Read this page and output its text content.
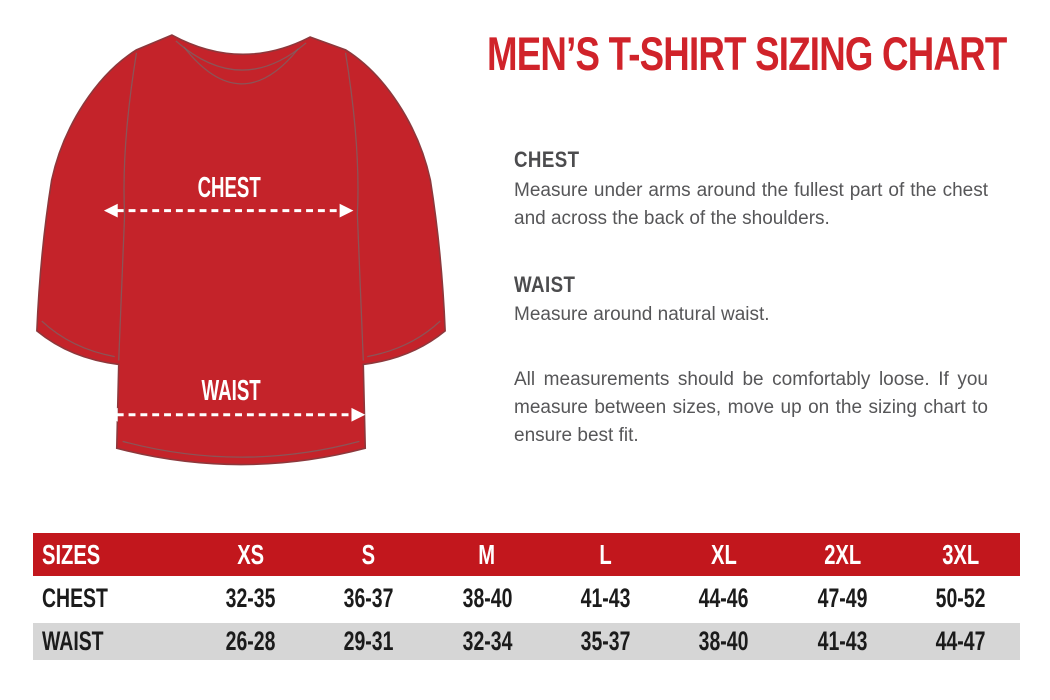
CHEST
WAIST
MEN’S T-SHIRT SIZING CHART
CHEST

Measure under arms around the fullest part of the chest and across the back of the shoulders.

WAIST

Measure around natural waist.

All measurements should be comfortably loose. If you measure between sizes, move up on the sizing chart to ensure best fit.

SIZES	XS	S	M	L	XL	2XL	3XL
CHEST	32-35	36-37	38-40	41-43	44-46	47-49	50-52
WAIST	26-28	29-31	32-34	35-37	38-40	41-43	44-47
